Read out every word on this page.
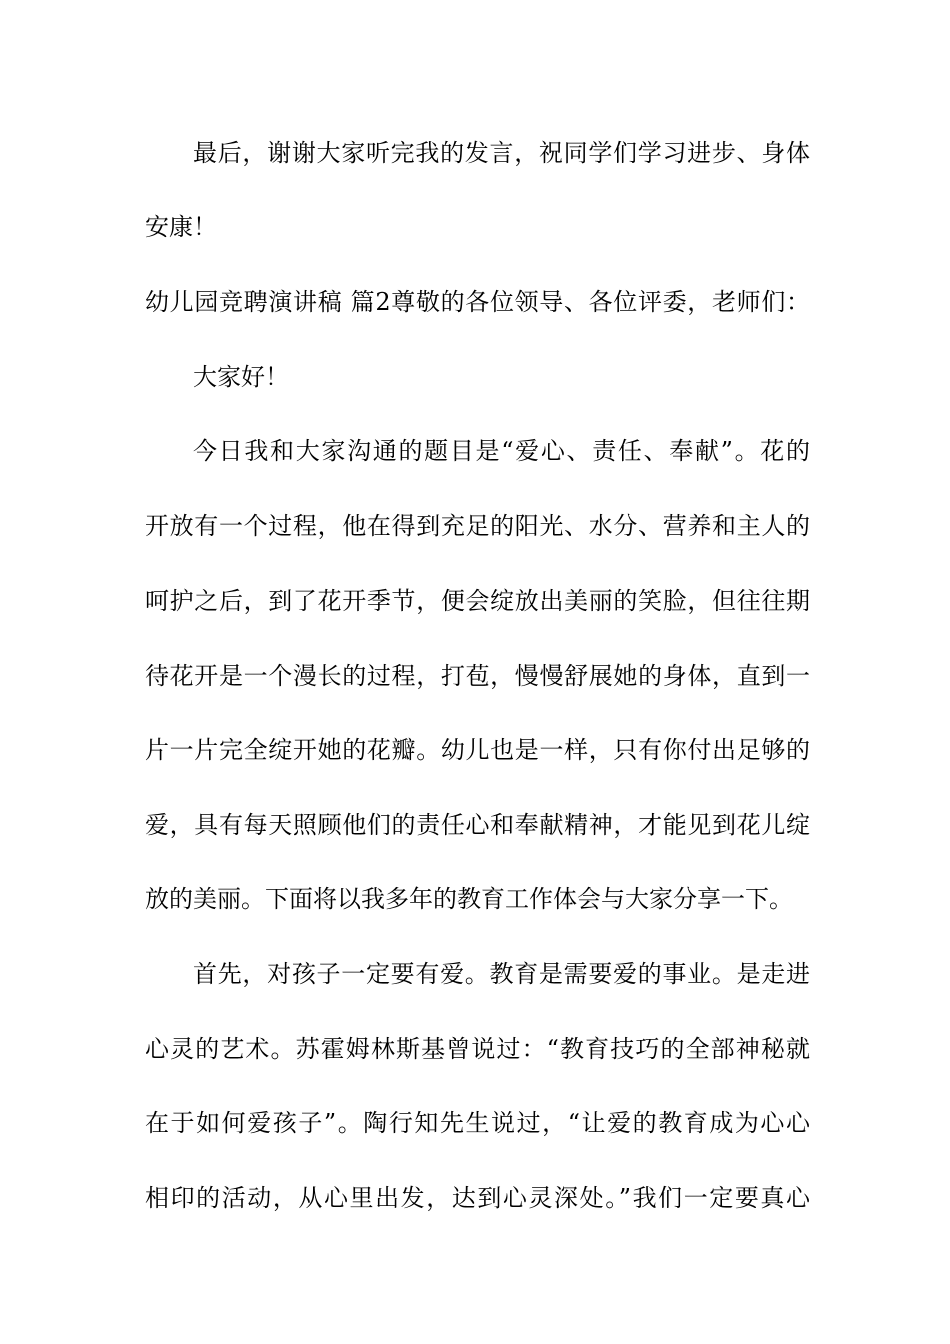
最后，谢谢大家听完我的发言，祝同学们学习进步、身体
安康！
幼儿园竞聘演讲稿 篇2尊敬的各位领导、各位评委，老师们：
大家好！
今日我和大家沟通的题目是“爱心、责任、奉献”。花的
开放有一个过程，他在得到充足的阳光、水分、营养和主人的
呵护之后，到了花开季节，便会绽放出美丽的笑脸，但往往期
待花开是一个漫长的过程，打苞，慢慢舒展她的身体，直到一
片一片完全绽开她的花瓣。幼儿也是一样，只有你付出足够的
爱，具有每天照顾他们的责任心和奉献精神，才能见到花儿绽
放的美丽。下面将以我多年的教育工作体会与大家分享一下。
首先，对孩子一定要有爱。教育是需要爱的事业。是走进
心灵的艺术。苏霍姆林斯基曾说过：“教育技巧的全部神秘就
在于如何爱孩子”。陶行知先生说过，“让爱的教育成为心心
相印的活动，从心里出发，达到心灵深处。”我们一定要真心
